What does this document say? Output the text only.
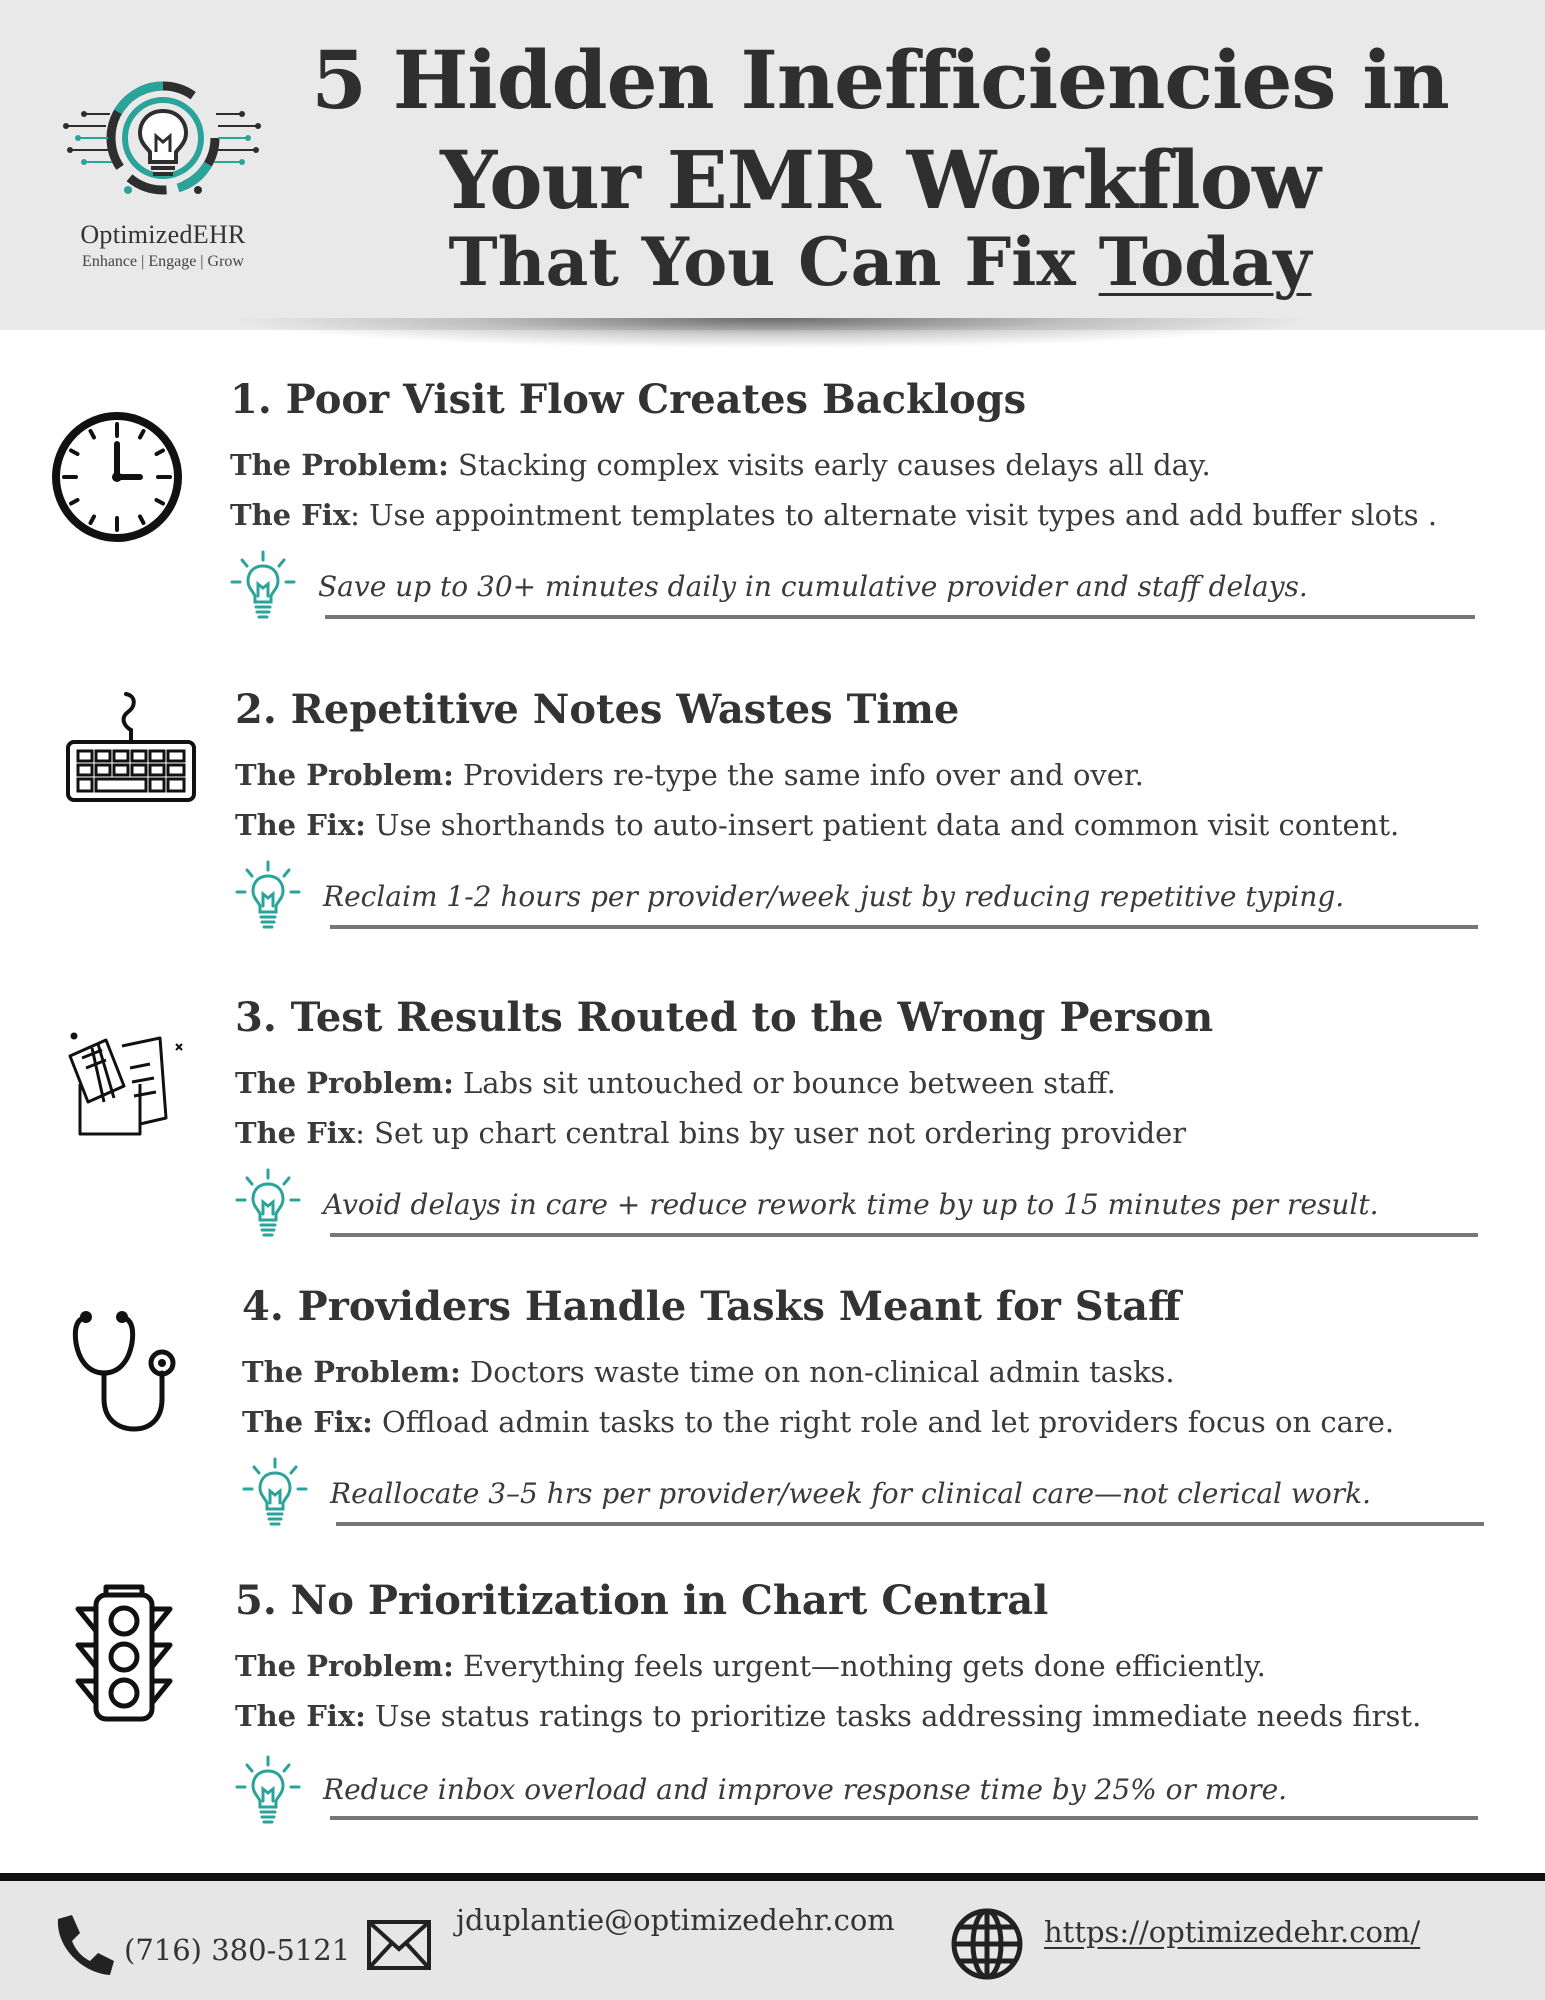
OptimizedEHR
Enhance | Engage | Grow
5 Hidden Inefficiencies in
Your EMR Workflow
That You Can Fix Today
1. Poor Visit Flow Creates Backlogs

The Problem: Stacking complex visits early causes delays all day.

The Fix: Use appointment templates to alternate visit types and add buffer slots .

Save up to 30+ minutes daily in cumulative provider and staff delays.

2. Repetitive Notes Wastes Time

The Problem: Providers re-type the same info over and over.

The Fix: Use shorthands to auto-insert patient data and common visit content.

Reclaim 1-2 hours per provider/week just by reducing repetitive typing.

3. Test Results Routed to the Wrong Person

The Problem: Labs sit untouched or bounce between staff.

The Fix: Set up chart central bins by user not ordering provider

Avoid delays in care + reduce rework time by up to 15 minutes per result.

4. Providers Handle Tasks Meant for Staff

The Problem: Doctors waste time on non-clinical admin tasks.

The Fix: Offload admin tasks to the right role and let providers focus on care.

Reallocate 3–5 hrs per provider/week for clinical care—not clerical work.

5. No Prioritization in Chart Central

The Problem: Everything feels urgent—nothing gets done efficiently.

The Fix: Use status ratings to prioritize tasks addressing immediate needs first.

Reduce inbox overload and improve response time by 25% or more.

(716) 380-5121

jduplantie@optimizedehr.com	https://optimizedehr.com/
